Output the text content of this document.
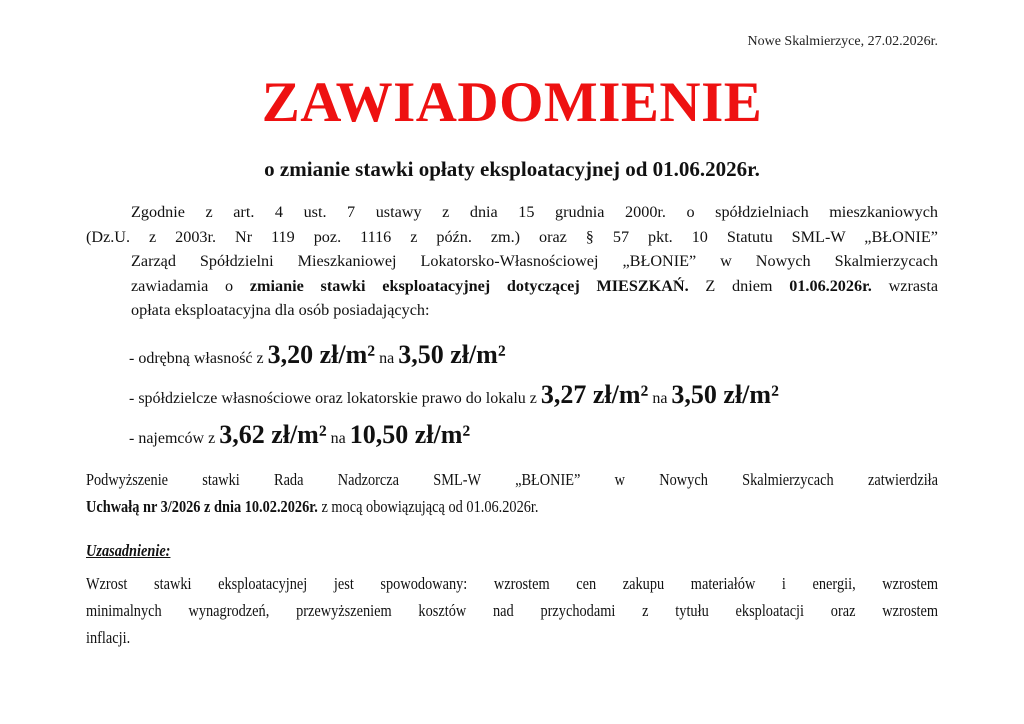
Nowe Skalmierzyce, 27.02.2026r.
ZAWIADOMIENIE
o zmianie stawki opłaty eksploatacyjnej od 01.06.2026r.
Zgodnie z art. 4 ust. 7 ustawy z dnia 15 grudnia 2000r. o spółdzielniach mieszkaniowych
(Dz.U. z 2003r. Nr 119 poz. 1116 z późn. zm.) oraz § 57 pkt. 10 Statutu SML-W „BŁONIE”
Zarząd Spółdzielni Mieszkaniowej Lokatorsko-Własnościowej „BŁONIE” w Nowych Skalmierzycach
zawiadamia o zmianie stawki eksploatacyjnej dotyczącej MIESZKAŃ. Z dniem 01.06.2026r. wzrasta
opłata eksploatacyjna dla osób posiadających:
- odrębną własność z 3,20 zł/m² na 3,50 zł/m²
- spółdzielcze własnościowe oraz lokatorskie prawo do lokalu z 3,27 zł/m² na 3,50 zł/m²
- najemców z 3,62 zł/m² na 10,50 zł/m²
Podwyższenie stawki Rada Nadzorcza SML-W „BŁONIE” w Nowych Skalmierzycach zatwierdziła
Uchwałą nr 3/2026 z dnia 10.02.2026r. z mocą obowiązującą od 01.06.2026r.
Uzasadnienie:
Wzrost stawki eksploatacyjnej jest spowodowany: wzrostem cen zakupu materiałów i energii, wzrostem
minimalnych wynagrodzeń, przewyższeniem kosztów nad przychodami z tytułu eksploatacji oraz wzrostem
inflacji.
